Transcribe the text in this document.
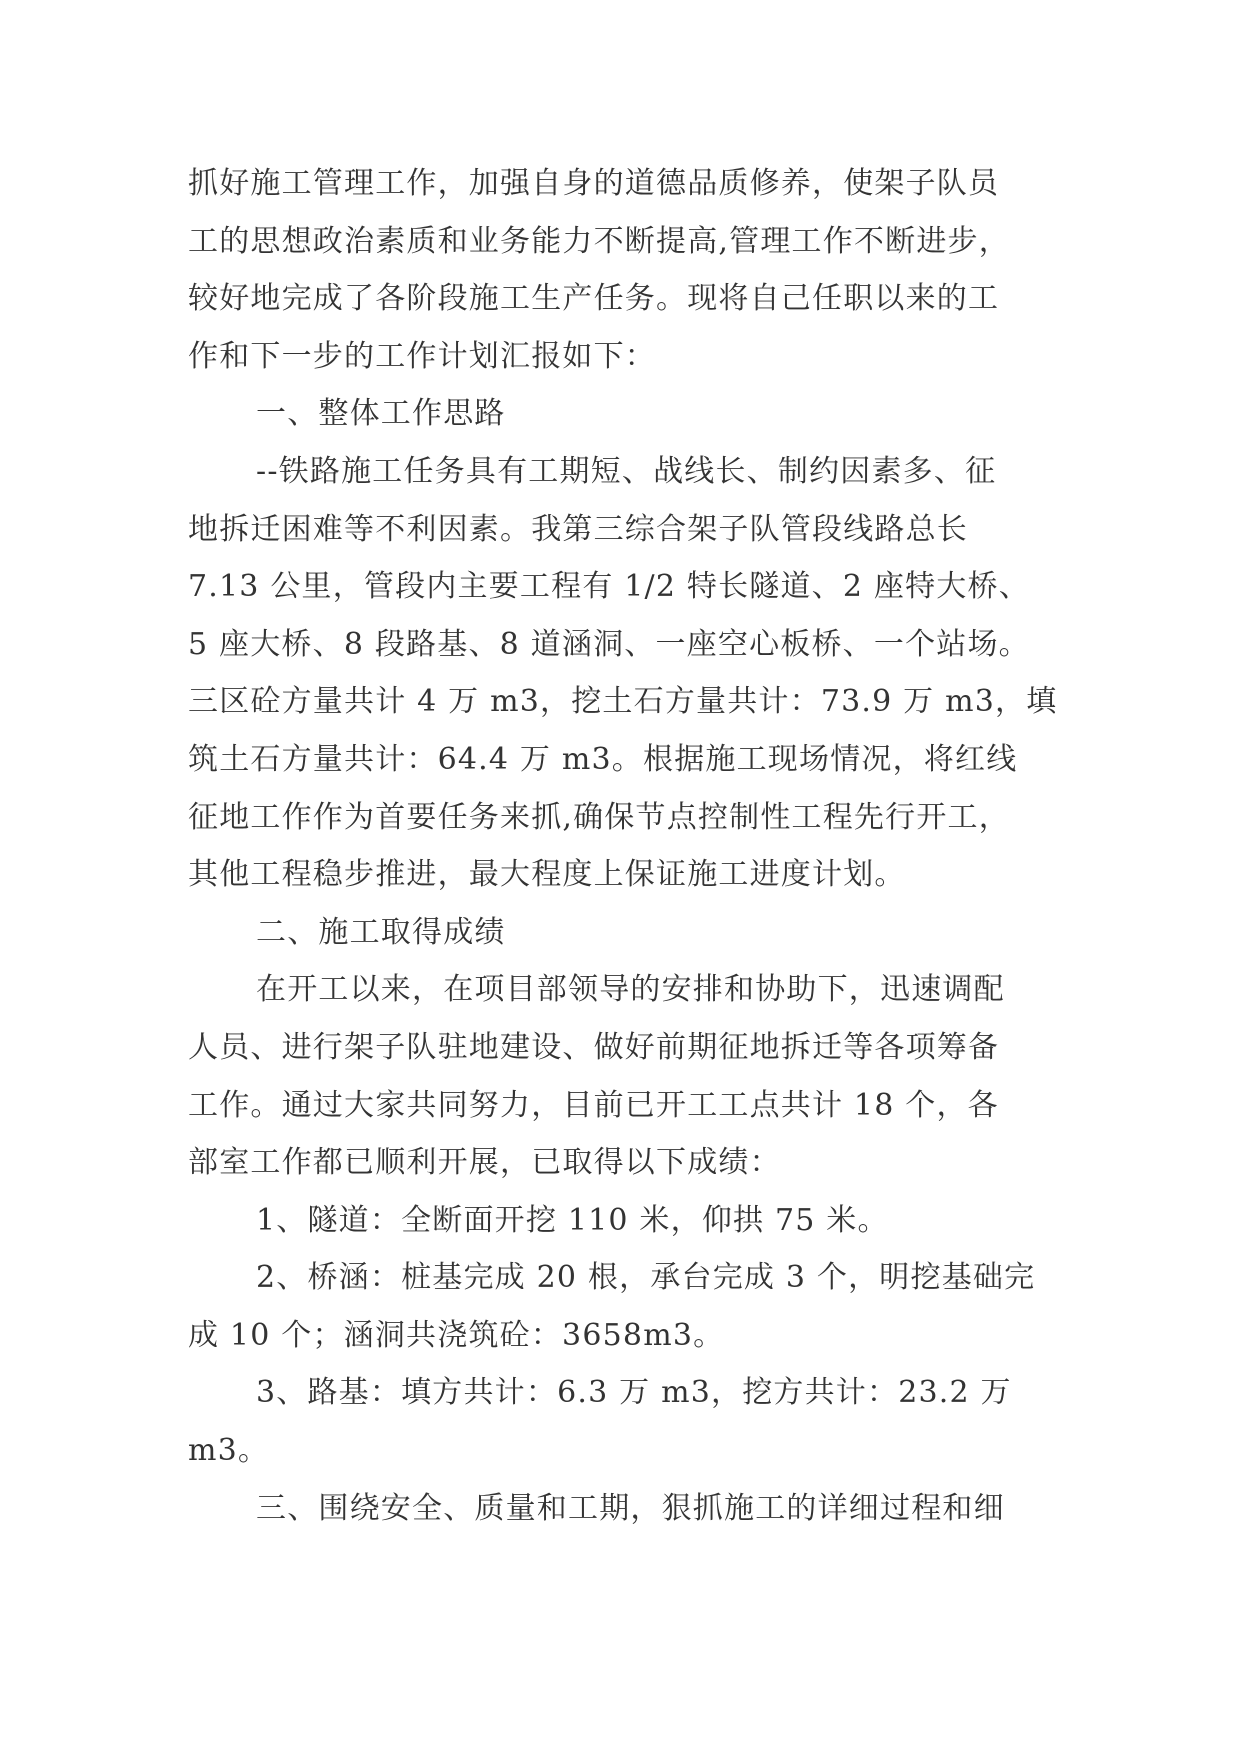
抓好施工管理工作，加强自身的道德品质修养，使架子队员
工的思想政治素质和业务能力不断提高,管理工作不断进步，
较好地完成了各阶段施工生产任务。现将自己任职以来的工
作和下一步的工作计划汇报如下：
一、整体工作思路
--铁路施工任务具有工期短、战线长、制约因素多、征
地拆迁困难等不利因素。我第三综合架子队管段线路总长
7.13 公里，管段内主要工程有 1/2 特长隧道、2 座特大桥、
5 座大桥、8 段路基、8 道涵洞、一座空心板桥、一个站场。
三区砼方量共计 4 万 m3，挖土石方量共计：73.9 万 m3，填
筑土石方量共计：64.4 万 m3。根据施工现场情况，将红线
征地工作作为首要任务来抓,确保节点控制性工程先行开工，
其他工程稳步推进，最大程度上保证施工进度计划。
二、施工取得成绩
在开工以来，在项目部领导的安排和协助下，迅速调配
人员、进行架子队驻地建设、做好前期征地拆迁等各项筹备
工作。通过大家共同努力，目前已开工工点共计 18 个，各
部室工作都已顺利开展，已取得以下成绩：
1、隧道：全断面开挖 110 米，仰拱 75 米。
2、桥涵：桩基完成 20 根，承台完成 3 个，明挖基础完
成 10 个；涵洞共浇筑砼：3658m3。
3、路基：填方共计：6.3 万 m3，挖方共计：23.2 万
m3。
三、围绕安全、质量和工期，狠抓施工的详细过程和细
